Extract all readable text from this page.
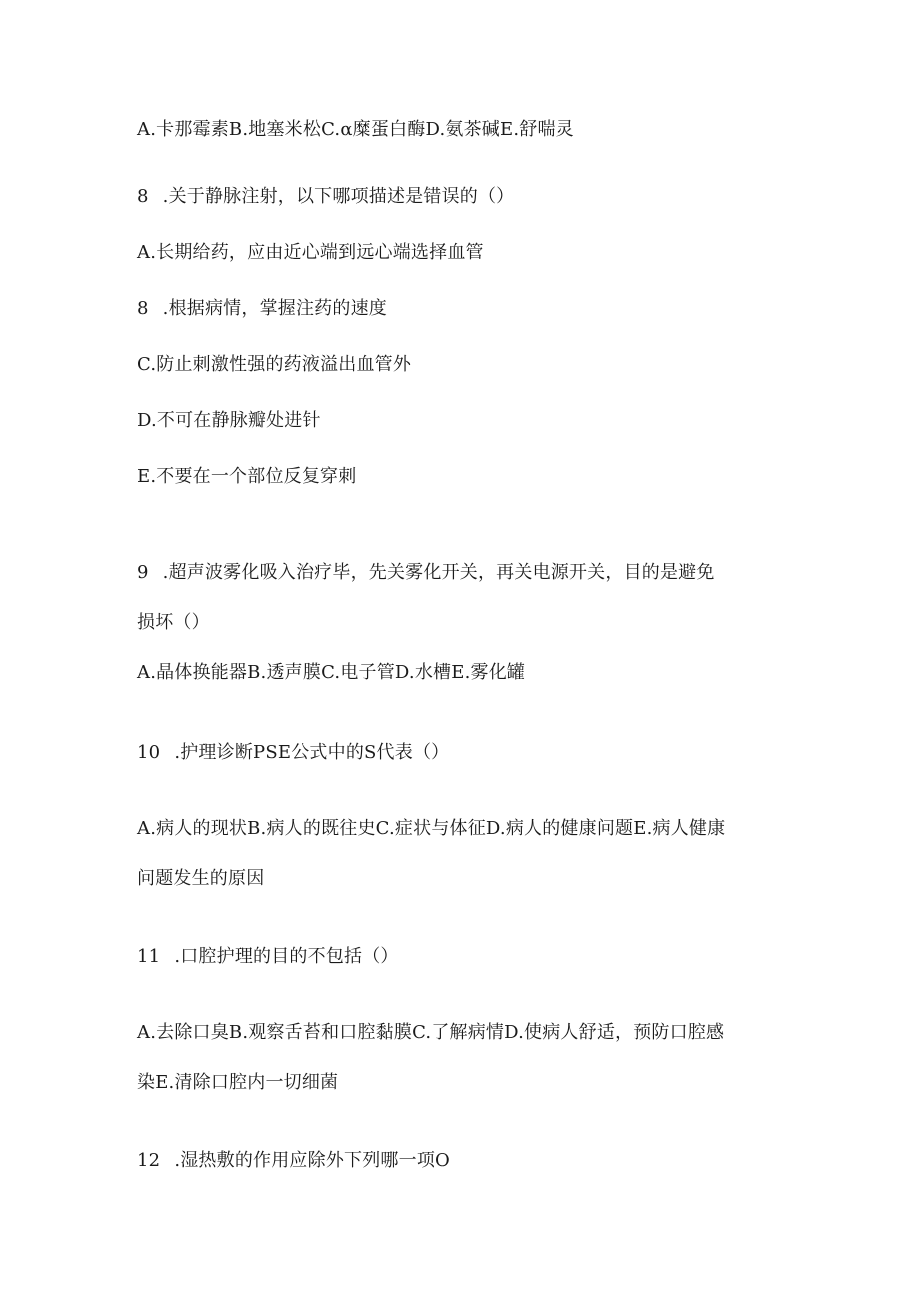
A.卡那霉素B.地塞米松C.α糜蛋白酶D.氨茶碱E.舒喘灵
8 .关于静脉注射，以下哪项描述是错误的（）
A.长期给药，应由近心端到远心端选择血管
8 .根据病情，掌握注药的速度
C.防止刺激性强的药液溢出血管外
D.不可在静脉瓣处进针
E.不要在一个部位反复穿刺
9 .超声波雾化吸入治疗毕，先关雾化开关，再关电源开关，目的是避免
损坏（）
A.晶体换能器B.透声膜C.电子管D.水槽E.雾化罐
10 .护理诊断PSE公式中的S代表（）
A.病人的现状B.病人的既往史C.症状与体征D.病人的健康问题E.病人健康
问题发生的原因
11 .口腔护理的目的不包括（）
A.去除口臭B.观察舌苔和口腔黏膜C.了解病情D.使病人舒适，预防口腔感
染E.清除口腔内一切细菌
12 .湿热敷的作用应除外下列哪一项O
